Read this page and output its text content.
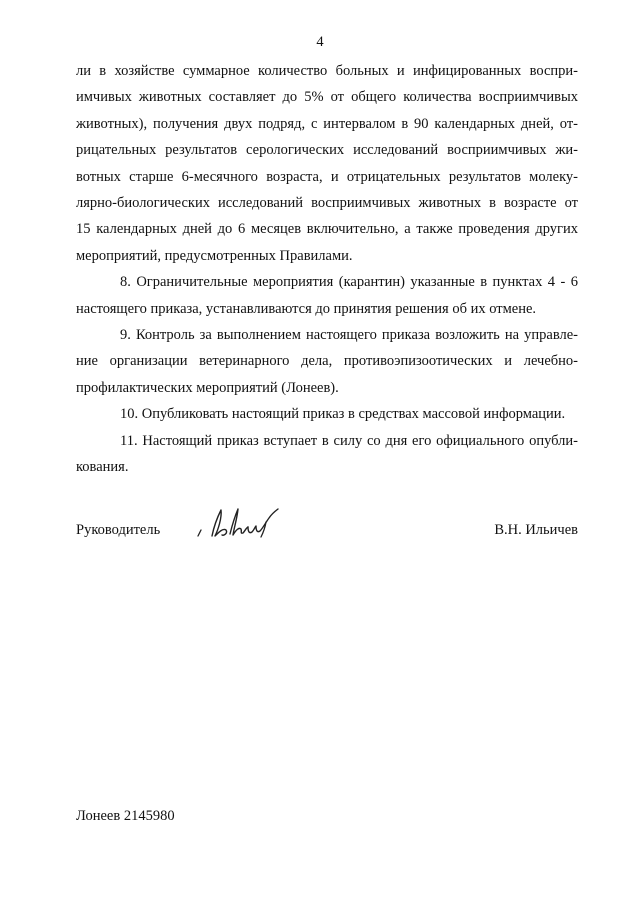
4

ли в хозяйстве суммарное количество больных и инфицированных воспри-
имчивых животных составляет до 5% от общего количества восприимчивых
животных), получения двух подряд, с интервалом в 90 календарных дней, от-
рицательных результатов серологических исследований восприимчивых жи-
вотных старше 6-месячного возраста, и отрицательных результатов молеку-
лярно-биологических исследований восприимчивых животных в возрасте от
15 календарных дней до 6 месяцев включительно, а также проведения других
мероприятий, предусмотренных Правилами.

8. Ограничительные мероприятия (карантин) указанные в пунктах 4 - 6
настоящего приказа, устанавливаются до принятия решения об их отмене.

9. Контроль за выполнением настоящего приказа возложить на управле-
ние организации ветеринарного дела, противоэпизоотических и лечебно-
профилактических мероприятий (Лонеев).

10. Опубликовать настоящий приказ в средствах массовой информации.

11. Настоящий приказ вступает в силу со дня его официального опубли-
кования.

Руководитель	В.Н. Ильичев
Лонеев 2145980
